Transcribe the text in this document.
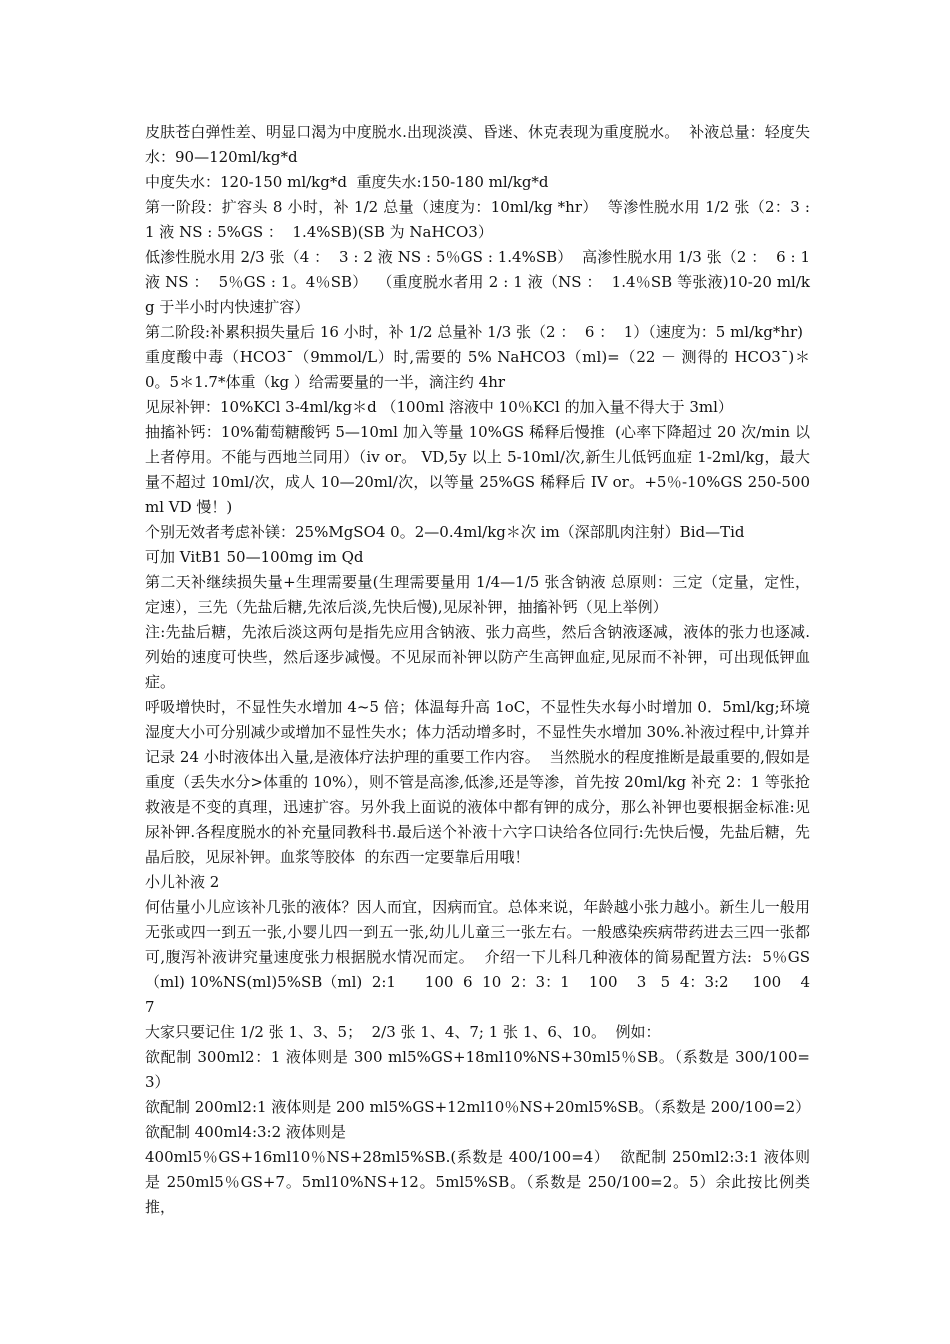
皮肤苍白弹性差、明显口渴为中度脱水.出现淡漠、昏迷、休克表现为重度脱水。  补液总量：轻度失水：90—120ml/kg*d

中度失水：120-150 ml/kg*d  重度失水:150-180 ml/kg*d

第一阶段：扩容头 8 小时，补 1/2 总量（速度为：10ml/kg *hr）  等渗性脱水用 1/2 张（2：3 : 1 液 NS : 5%GS ：  1.4%SB)(SB 为 NaHCO3）

低渗性脱水用 2/3 张（4 ：  3 : 2 液 NS : 5％GS : 1.4%SB）  高渗性脱水用 1/3 张（2 ：  6 : 1 液 NS ：  5％GS : 1。4％SB）  （重度脱水者用 2 : 1 液（NS ：  1.4％SB 等张液)10-20 ml/kg 于半小时内快速扩容）

第二阶段:补累积损失量后 16 小时，补 1/2 总量补 1/3 张（2 ：  6 ：  1）（速度为：5 ml/kg*hr)

重度酸中毒（HCO3ˉ（9mmol/L）时,需要的 5% NaHCO3（ml)=（22 － 测得的 HCO3ˉ)＊0。5＊1.7*体重（kg ）给需要量的一半，滴注约 4hr

见尿补钾：10%KCl 3-4ml/kg＊d （100ml 溶液中 10％KCl 的加入量不得大于 3ml）

抽搐补钙：10%葡萄糖酸钙 5—10ml 加入等量 10%GS 稀释后慢推  (心率下降超过 20 次/min 以上者停用。不能与西地兰同用）（iv or。 VD,5y 以上 5-10ml/次,新生儿低钙血症 1-2ml/kg，最大量不超过 10ml/次，成人 10—20ml/次，以等量 25%GS 稀释后 IV or。+5％-10%GS 250-500ml VD 慢！)

个别无效者考虑补镁：25%MgSO4 0。2—0.4ml/kg＊次 im（深部肌肉注射）Bid—Tid

可加 VitB1 50—100mg im Qd

第二天补继续损失量+生理需要量(生理需要量用 1/4—1/5 张含钠液 总原则：三定（定量，定性，定速），三先（先盐后糖,先浓后淡,先快后慢),见尿补钾，抽搐补钙（见上举例）

注:先盐后糖，先浓后淡这两句是指先应用含钠液、张力高些，然后含钠液逐减，液体的张力也逐减.列始的速度可快些，然后逐步减慢。不见尿而补钾以防产生高钾血症,见尿而不补钾，可出现低钾血症。

呼吸增快时，不显性失水增加 4~5 倍；体温每升高 1oC，不显性失水每小时增加 0．5ml/kg;环境湿度大小可分别减少或增加不显性失水；体力活动增多时，不显性失水增加 30%.补液过程中,计算并记录 24 小时液体出入量,是液体疗法护理的重要工作内容。  当然脱水的程度推断是最重要的,假如是重度（丢失水分>体重的 10%），则不管是高渗,低渗,还是等渗，首先按 20ml/kg 补充 2：1 等张抢救液是不变的真理，迅速扩容。另外我上面说的液体中都有钾的成分，那么补钾也要根据金标准:见尿补钾.各程度脱水的补充量同教科书.最后送个补液十六字口诀给各位同行:先快后慢，先盐后糖，先晶后胶，见尿补钾。血浆等胶体  的东西一定要靠后用哦！

小儿补液 2

何估量小儿应该补几张的液体？因人而宜，因病而宜。总体来说，年龄越小张力越小。新生儿一般用无张或四一到五一张,小婴儿四一到五一张,幼儿儿童三一张左右。一般感染疾病带药进去三四一张都可,腹泻补液讲究量速度张力根据脱水情况而定。  介绍一下儿科几种液体的简易配置方法:  5％GS（ml) 10%NS(ml)5%SB（ml)  2:1      100  6  10  2：3：1    100    3   5  4：3:2     100    4   7

大家只要记住 1/2 张 1、3、5；  2/3 张 1、4、7; 1 张 1、6、10。  例如：

欲配制 300ml2：1 液体则是 300 ml5%GS+18ml10%NS+30ml5％SB。（系数是 300/100=3）

欲配制 200ml2:1 液体则是 200 ml5%GS+12ml10％NS+20ml5%SB。（系数是 200/100=2）

欲配制 400ml4:3:2 液体则是

400ml5％GS+16ml10％NS+28ml5%SB.(系数是 400/100=4）  欲配制 250ml2:3:1 液体则是 250ml5％GS+7。5ml10%NS+12。5ml5%SB。（系数是 250/100=2。5）余此按比例类推，
